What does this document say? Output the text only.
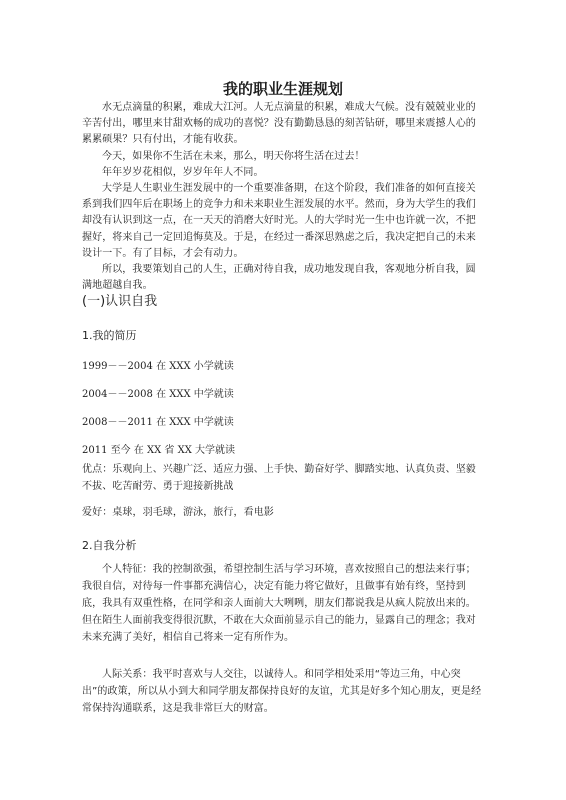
我的职业生涯规划

水无点滴量的积累，难成大江河。人无点滴量的积累，难成大气候。没有兢兢业业的辛苦付出，哪里来甘甜欢畅的成功的喜悦？没有勤勤恳恳的刻苦钻研，哪里来震撼人心的累累硕果？只有付出，才能有收获。

今天，如果你不生活在未来，那么，明天你将生活在过去！

年年岁岁花相似，岁岁年年人不同。

大学是人生职业生涯发展中的一个重要准备期，在这个阶段，我们准备的如何直接关系到我们四年后在职场上的竞争力和未来职业生涯发展的水平。然而，身为大学生的我们却没有认识到这一点，在一天天的消磨大好时光。人的大学时光一生中也许就一次，不把握好，将来自己一定回追悔莫及。于是，在经过一番深思熟虑之后，我决定把自己的未来设计一下。有了目标，才会有动力。

所以，我要策划自己的人生，正确对待自我，成功地发现自我，客观地分析自我，圆满地超越自我。

(一)认识自我
1.我的简历

1999－－2004 在 XXX 小学就读

2004－－2008 在 XXX 中学就读

2008－－2011 在 XXX 中学就读

2011 至今 在 XX 省 XX 大学就读

优点：乐观向上、兴趣广泛、适应力强、上手快、勤奋好学、脚踏实地、认真负责、坚毅不拔、吃苦耐劳、勇于迎接新挑战

爱好：桌球，羽毛球，游泳，旅行，看电影

2.自我分析

个人特征：我的控制欲强，希望控制生活与学习环境，喜欢按照自己的想法来行事；我很自信，对待每一件事都充满信心，决定有能力将它做好，且做事有始有终，坚持到底，我具有双重性格，在同学和亲人面前大大咧咧，朋友们都说我是从疯人院放出来的。但在陌生人面前我变得很沉默，不敢在大众面前显示自己的能力，显露自己的理念；我对未来充满了美好，相信自己将来一定有所作为。

人际关系：我平时喜欢与人交往，以诚待人。和同学相处采用“等边三角，中心突出”的政策，所以从小到大和同学朋友都保持良好的友谊，尤其是好多个知心朋友，更是经常保持沟通联系，这是我非常巨大的财富。
